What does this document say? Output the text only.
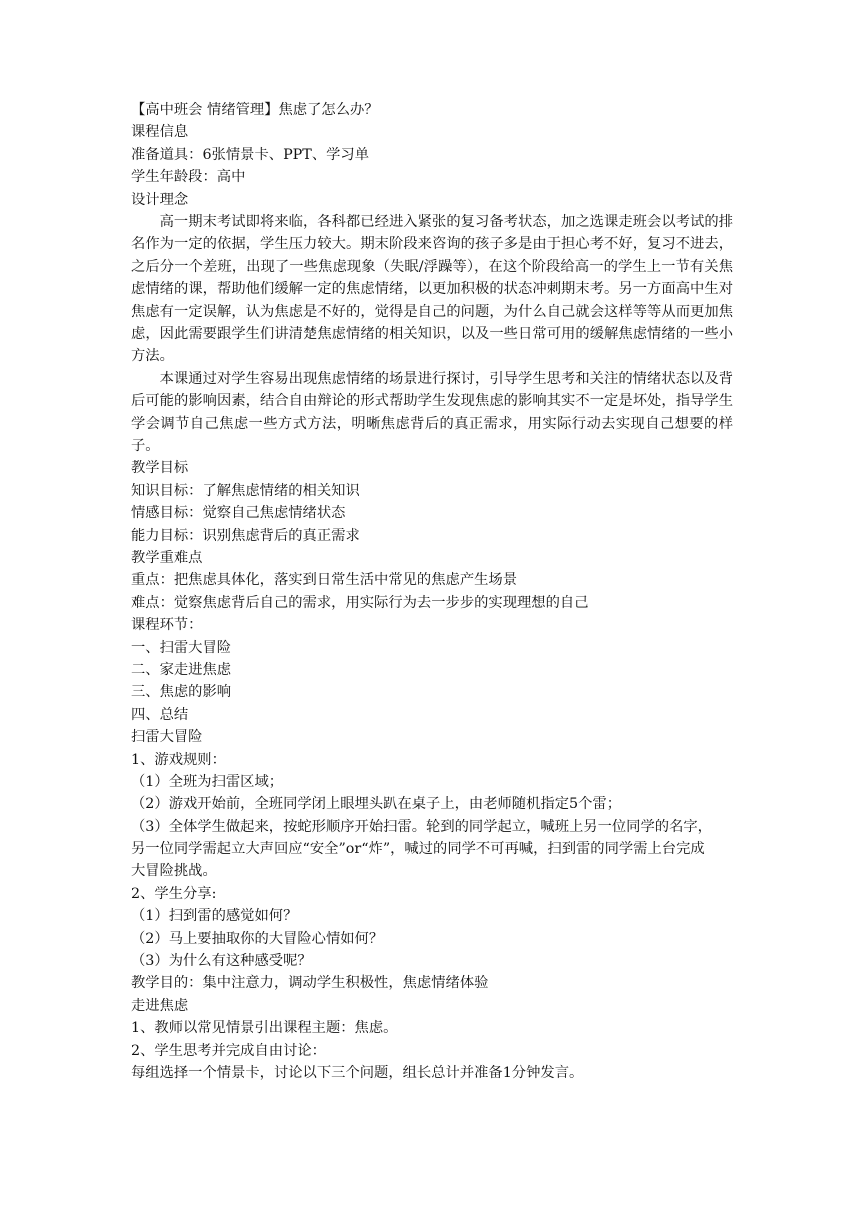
【高中班会 情绪管理】焦虑了怎么办？
课程信息
准备道具：6张情景卡、PPT、学习单
学生年龄段：高中
设计理念

高一期末考试即将来临，各科都已经进入紧张的复习备考状态，加之选课走班会以考试的排名作为一定的依据，学生压力较大。期末阶段来咨询的孩子多是由于担心考不好，复习不进去，之后分一个差班，出现了一些焦虑现象（失眠/浮躁等），在这个阶段给高一的学生上一节有关焦虑情绪的课，帮助他们缓解一定的焦虑情绪，以更加积极的状态冲刺期末考。另一方面高中生对焦虑有一定误解，认为焦虑是不好的，觉得是自己的问题，为什么自己就会这样等等从而更加焦虑，因此需要跟学生们讲清楚焦虑情绪的相关知识，以及一些日常可用的缓解焦虑情绪的一些小方法。

本课通过对学生容易出现焦虑情绪的场景进行探讨，引导学生思考和关注的情绪状态以及背 后可能的影响因素，结合自由辩论的形式帮助学生发现焦虑的影响其实不一定是坏处，指导学生学会调节自己焦虑一些方式方法，明晰焦虑背后的真正需求，用实际行动去实现自己想要的样子。

教学目标
知识目标：了解焦虑情绪的相关知识
情感目标：觉察自己焦虑情绪状态
能力目标：识别焦虑背后的真正需求
教学重难点
重点：把焦虑具体化，落实到日常生活中常见的焦虑产生场景
难点：觉察焦虑背后自己的需求，用实际行为去一步步的实现理想的自己
课程环节：
一、扫雷大冒险
二、家走进焦虑
三、焦虑的影响
四、总结
扫雷大冒险
1、游戏规则：
（1）全班为扫雷区域；
（2）游戏开始前，全班同学闭上眼埋头趴在桌子上，由老师随机指定5个雷；
（3）全体学生做起来，按蛇形顺序开始扫雷。轮到的同学起立，喊班上另一位同学的名字，
另一位同学需起立大声回应“安全”or“炸”，喊过的同学不可再喊，扫到雷的同学需上台完成
大冒险挑战。
2、学生分享:
（1）扫到雷的感觉如何？
（2）马上要抽取你的大冒险心情如何？
（3）为什么有这种感受呢？
教学目的：集中注意力，调动学生积极性，焦虑情绪体验
走进焦虑
1、教师以常见情景引出课程主题：焦虑。
2、学生思考并完成自由讨论：
每组选择一个情景卡，讨论以下三个问题，组长总计并准备1分钟发言。
